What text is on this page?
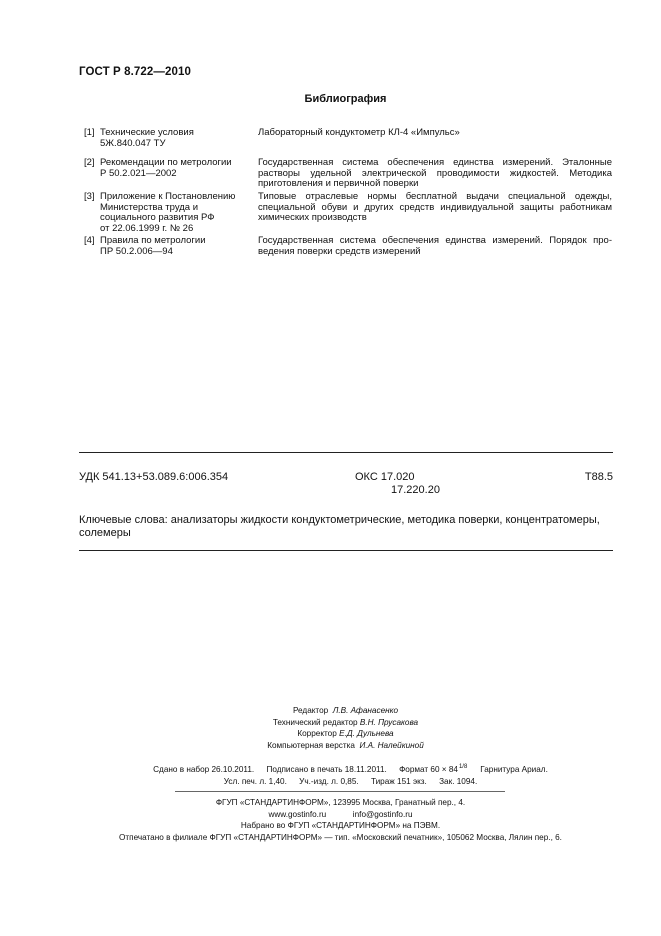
ГОСТ Р 8.722—2010
Библиография
[1] Технические условия
5Ж.840.047 ТУ
Лабораторный кондуктометр КЛ-4 «Импульс»
[2] Рекомендации по метрологии
Р 50.2.021—2002
Государственная система обеспечения единства измерений. Эталонные растворы удельной электрической проводимости жидкостей. Методика приготовления и первичной поверки
[3] Приложение к Постановлению
Министерства труда и
социального развития РФ
от 22.06.1999 г. № 26
Типовые отраслевые нормы бесплатной выдачи специальной одежды, специальной обуви и других средств индивидуальной защиты работникам химических производств
[4] Правила по метрологии
ПР 50.2.006—94
Государственная система обеспечения единства измерений. Порядок про-ведения поверки средств измерений
УДК 541.13+53.089.6:006.354	ОКС 17.020
17.220.20
Т88.5
Ключевые слова: анализаторы жидкости кондуктометрические, методика поверки, концентратомеры, солемеры
Редактор Л.В. Афанасенко
Технический редактор В.Н. Прусакова
Корректор Е.Д. Дульнева
Компьютерная верстка И.А. Налейкиной
Сдано в набор 26.10.2011. Подписано в печать 18.11.2011. Формат 60 × 84 1/8 Гарнитура Ариал.
Усл. печ. л. 1,40. Уч.-изд. л. 0,85. Тираж 151 экз. Зак. 1094.
ФГУП «СТАНДАРТИНФОРМ», 123995 Москва, Гранатный пер., 4.
www.gostinfo.ru	info@gostinfo.ru
Набрано во ФГУП «СТАНДАРТИНФОРМ» на ПЭВМ.
Отпечатано в филиале ФГУП «СТАНДАРТИНФОРМ» — тип. «Московский печатник», 105062 Москва, Лялин пер., 6.
